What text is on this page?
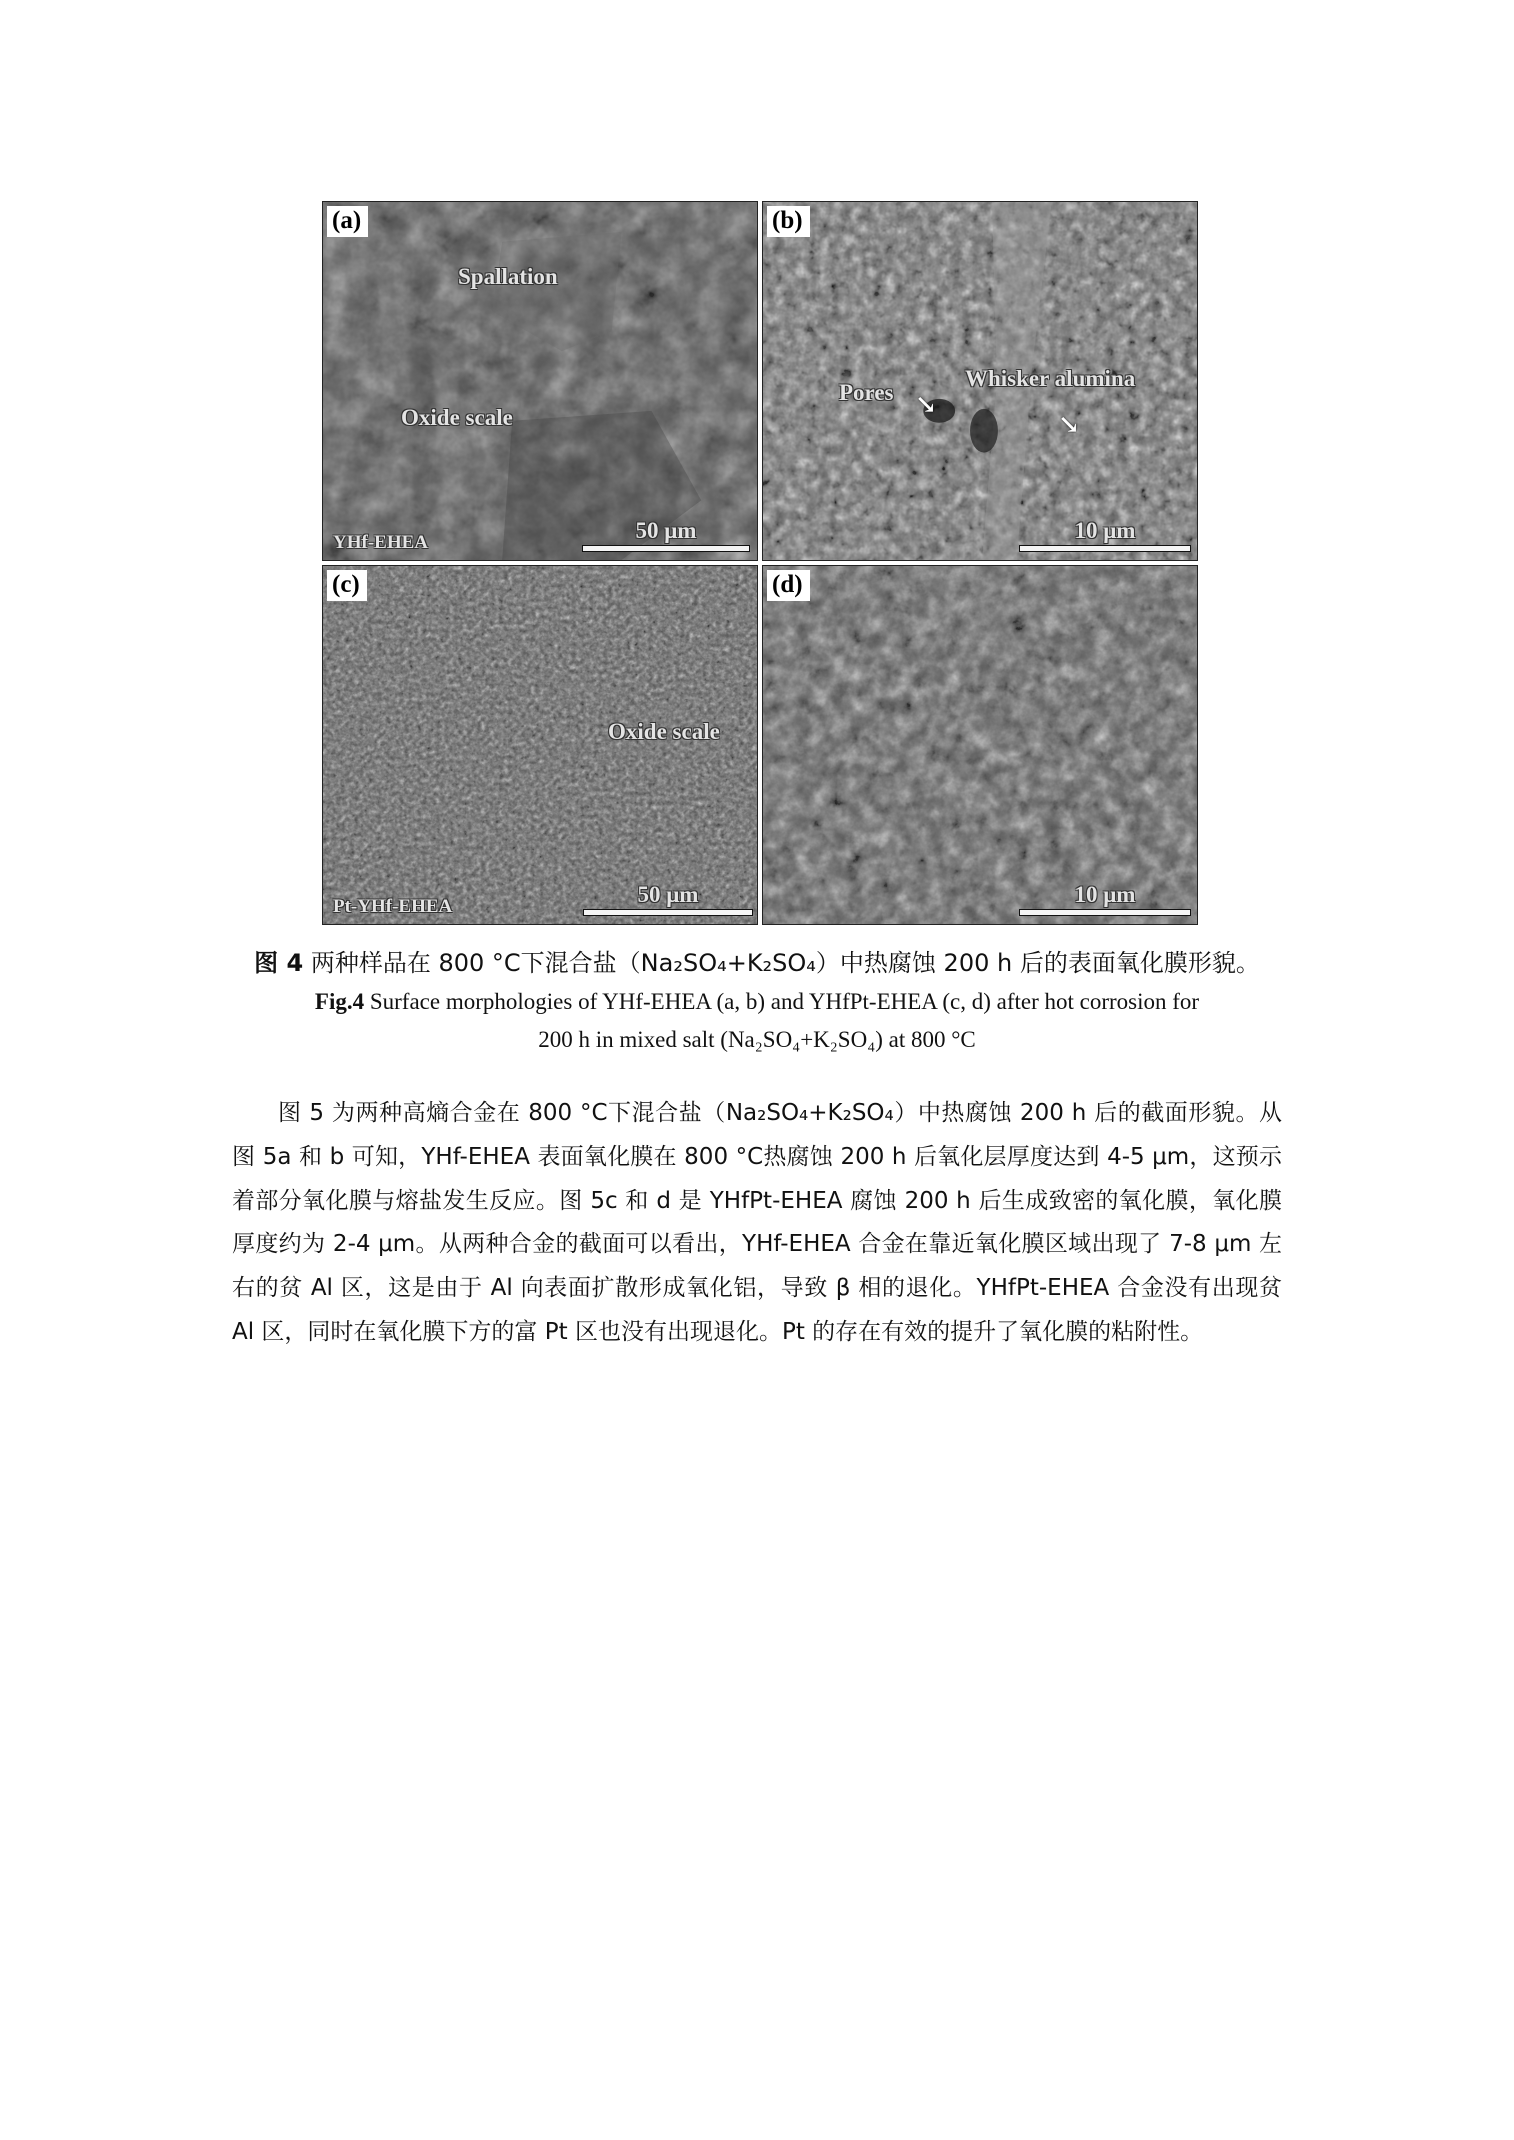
(a)
Spallation
Oxide scale
YHf-EHEA	50 μm
(b)
Pores ↘
Whisker alumina
↘
10 μm
(c)
Oxide scale
Pt-YHf-EHEA	50 μm
(d)
10 μm
图 4 两种样品在 800 °C下混合盐（Na₂SO₄+K₂SO₄）中热腐蚀 200 h 后的表面氧化膜形貌。
Fig.4 Surface morphologies of YHf-EHEA (a, b) and YHfPt-EHEA (c, d) after hot corrosion for
200 h in mixed salt (Na₂SO₄+K₂SO₄) at 800 °C
图 5 为两种高熵合金在 800 °C下混合盐（Na₂SO₄+K₂SO₄）中热腐蚀 200 h 后的截面形貌。从图 5a 和 b 可知，YHf-EHEA 表面氧化膜在 800 °C热腐蚀 200 h 后氧化层厚度达到 4-5 μm，这预示着部分氧化膜与熔盐发生反应。图 5c 和 d 是 YHfPt-EHEA 腐蚀 200 h 后生成致密的氧化膜，氧化膜厚度约为 2-4 μm。从两种合金的截面可以看出，YHf-EHEA 合金在靠近氧化膜区域出现了 7-8 μm 左右的贫 Al 区，这是由于 Al 向表面扩散形成氧化铝，导致 β 相的退化。YHfPt-EHEA 合金没有出现贫 Al 区，同时在氧化膜下方的富 Pt 区也没有出现退化。Pt 的存在有效的提升了氧化膜的粘附性。
